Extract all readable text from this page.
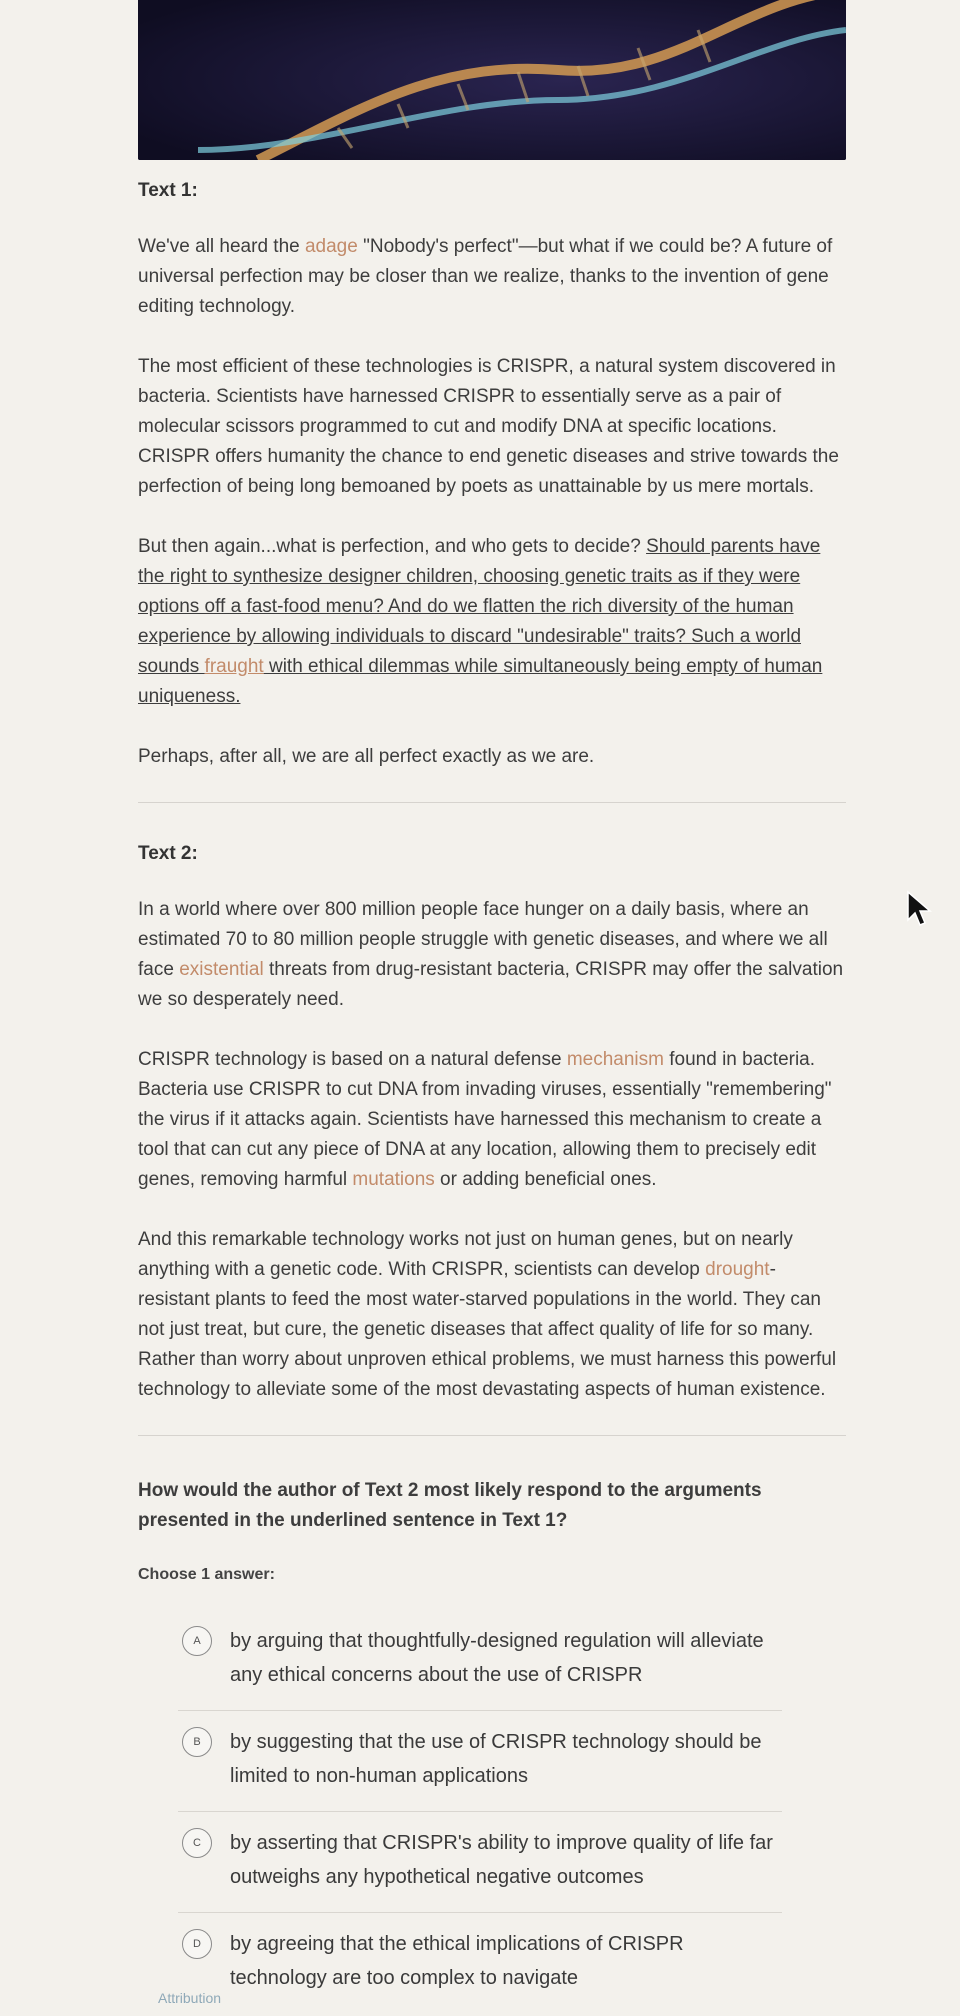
Text 1:

We've all heard the adage "Nobody's perfect"—but what if we could be? A future of universal perfection may be closer than we realize, thanks to the invention of gene editing technology.

The most efficient of these technologies is CRISPR, a natural system discovered in bacteria. Scientists have harnessed CRISPR to essentially serve as a pair of molecular scissors programmed to cut and modify DNA at specific locations. CRISPR offers humanity the chance to end genetic diseases and strive towards the perfection of being long bemoaned by poets as unattainable by us mere mortals.

But then again...what is perfection, and who gets to decide? Should parents have the right to synthesize designer children, choosing genetic traits as if they were options off a fast-food menu? And do we flatten the rich diversity of the human experience by allowing individuals to discard "undesirable" traits? Such a world sounds fraught with ethical dilemmas while simultaneously being empty of human uniqueness.

Perhaps, after all, we are all perfect exactly as we are.

Text 2:

In a world where over 800 million people face hunger on a daily basis, where an estimated 70 to 80 million people struggle with genetic diseases, and where we all face existential threats from drug-resistant bacteria, CRISPR may offer the salvation we so desperately need.

CRISPR technology is based on a natural defense mechanism found in bacteria. Bacteria use CRISPR to cut DNA from invading viruses, essentially "remembering" the virus if it attacks again. Scientists have harnessed this mechanism to create a tool that can cut any piece of DNA at any location, allowing them to precisely edit genes, removing harmful mutations or adding beneficial ones.

And this remarkable technology works not just on human genes, but on nearly anything with a genetic code. With CRISPR, scientists can develop drought-resistant plants to feed the most water-starved populations in the world. They can not just treat, but cure, the genetic diseases that affect quality of life for so many. Rather than worry about unproven ethical problems, we must harness this powerful technology to alleviate some of the most devastating aspects of human existence.

How would the author of Text 2 most likely respond to the arguments presented in the underlined sentence in Text 1?
Choose 1 answer:
A	by arguing that thoughtfully-designed regulation will alleviate any ethical concerns about the use of CRISPR
B	by suggesting that the use of CRISPR technology should be limited to non-human applications
C	by asserting that CRISPR's ability to improve quality of life far outweighs any hypothetical negative outcomes
D	by agreeing that the ethical implications of CRISPR technology are too complex to navigate
Attribution
